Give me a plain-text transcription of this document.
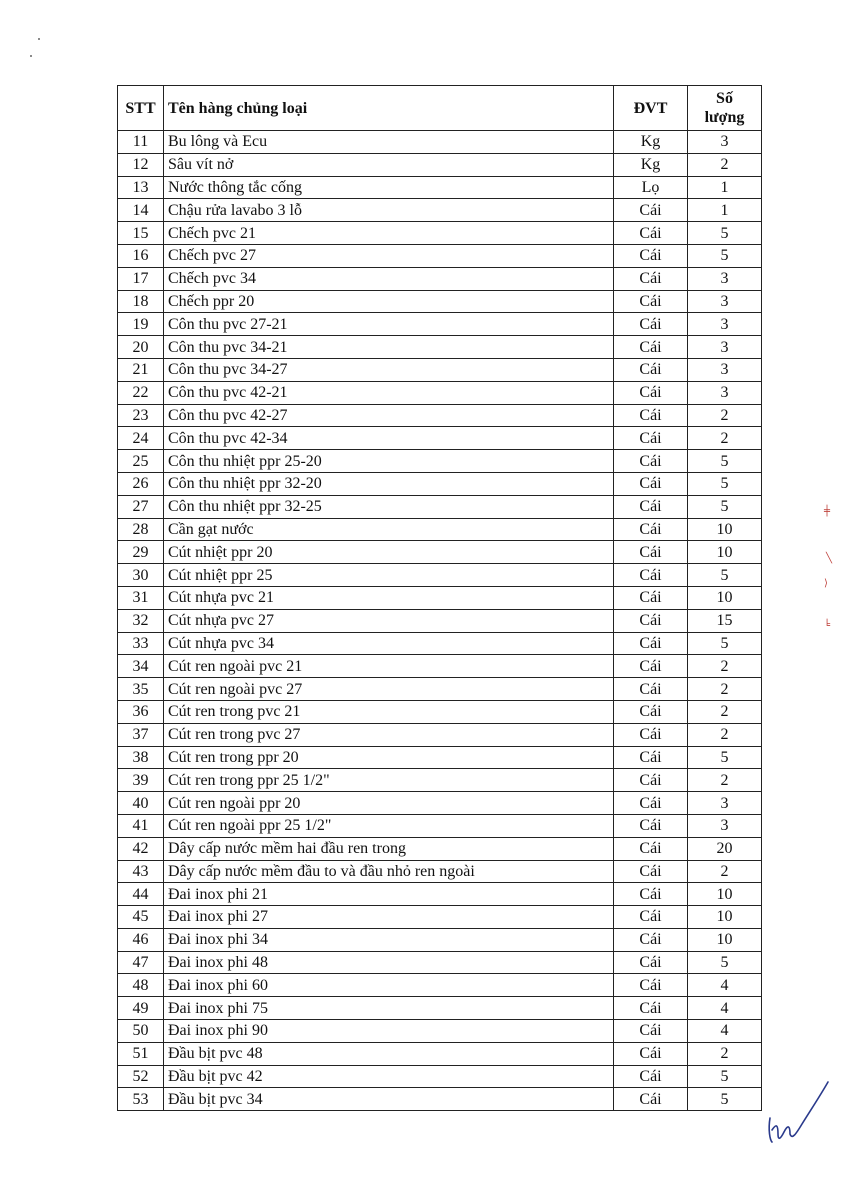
STT	Tên hàng chủng loại	ĐVT	Số
lượng
11	Bu lông và Ecu	Kg	3
12	Sâu vít nở	Kg	2
13	Nước thông tắc cống	Lọ	1
14	Chậu rửa lavabo 3 lỗ	Cái	1
15	Chếch pvc 21	Cái	5
16	Chếch pvc 27	Cái	5
17	Chếch pvc 34	Cái	3
18	Chếch ppr 20	Cái	3
19	Côn thu pvc 27-21	Cái	3
20	Côn thu pvc 34-21	Cái	3
21	Côn thu pvc 34-27	Cái	3
22	Côn thu pvc 42-21	Cái	3
23	Côn thu pvc 42-27	Cái	2
24	Côn thu pvc 42-34	Cái	2
25	Côn thu nhiệt ppr 25-20	Cái	5
26	Côn thu nhiệt ppr 32-20	Cái	5
27	Côn thu nhiệt ppr 32-25	Cái	5
28	Cần gạt nước	Cái	10
29	Cút nhiệt ppr 20	Cái	10
30	Cút nhiệt ppr 25	Cái	5
31	Cút nhựa pvc 21	Cái	10
32	Cút nhựa pvc 27	Cái	15
33	Cút nhựa pvc 34	Cái	5
34	Cút ren ngoài pvc 21	Cái	2
35	Cút ren ngoài pvc 27	Cái	2
36	Cút ren trong pvc 21	Cái	2
37	Cút ren trong pvc 27	Cái	2
38	Cút ren trong ppr 20	Cái	5
39	Cút ren trong ppr 25 1/2"	Cái	2
40	Cút ren ngoài ppr 20	Cái	3
41	Cút ren ngoài ppr 25 1/2"	Cái	3
42	Dây cấp nước mềm hai đầu ren trong	Cái	20
43	Dây cấp nước mềm đầu to và đầu nhỏ ren ngoài	Cái	2
44	Đai inox phi 21	Cái	10
45	Đai inox phi 27	Cái	10
46	Đai inox phi 34	Cái	10
47	Đai inox phi 48	Cái	5
48	Đai inox phi 60	Cái	4
49	Đai inox phi 75	Cái	4
50	Đai inox phi 90	Cái	4
51	Đầu bịt pvc 48	Cái	2
52	Đầu bịt pvc 42	Cái	5
53	Đầu bịt pvc 34	Cái	5
╪
╲
⟩
╘
